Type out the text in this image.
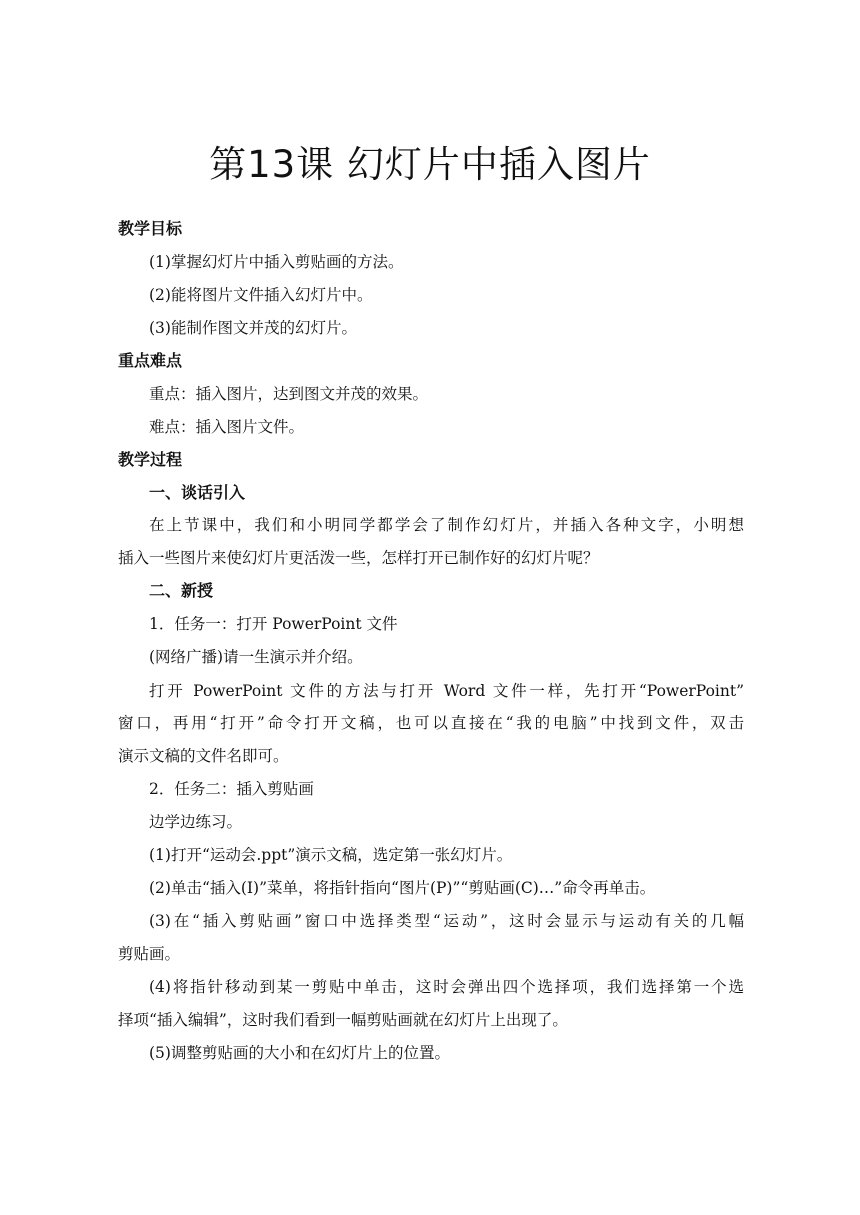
第13课 幻灯片中插入图片
教学目标
(1)掌握幻灯片中插入剪贴画的方法。
(2)能将图片文件插入幻灯片中。
(3)能制作图文并茂的幻灯片。
重点难点
重点：插入图片，达到图文并茂的效果。
难点：插入图片文件。
教学过程
一、谈话引入
在上节课中，我们和小明同学都学会了制作幻灯片，并插入各种文字，小明想
插入一些图片来使幻灯片更活泼一些，怎样打开已制作好的幻灯片呢？
二、新授
1．任务一：打开 PowerPoint 文件
(网络广播)请一生演示并介绍。
打开 PowerPoint 文件的方法与打开 Word 文件一样，先打开“PowerPoint”
窗口，再用“打开”命令打开文稿，也可以直接在“我的电脑”中找到文件，双击
演示文稿的文件名即可。
2．任务二：插入剪贴画
边学边练习。
(1)打开“运动会.ppt”演示文稿，选定第一张幻灯片。
(2)单击“插入(I)”菜单，将指针指向“图片(P)”“剪贴画(C)…”命令再单击。
(3)在“插入剪贴画”窗口中选择类型“运动”，这时会显示与运动有关的几幅
剪贴画。
(4)将指针移动到某一剪贴中单击，这时会弹出四个选择项，我们选择第一个选
择项“插入编辑”，这时我们看到一幅剪贴画就在幻灯片上出现了。
(5)调整剪贴画的大小和在幻灯片上的位置。
